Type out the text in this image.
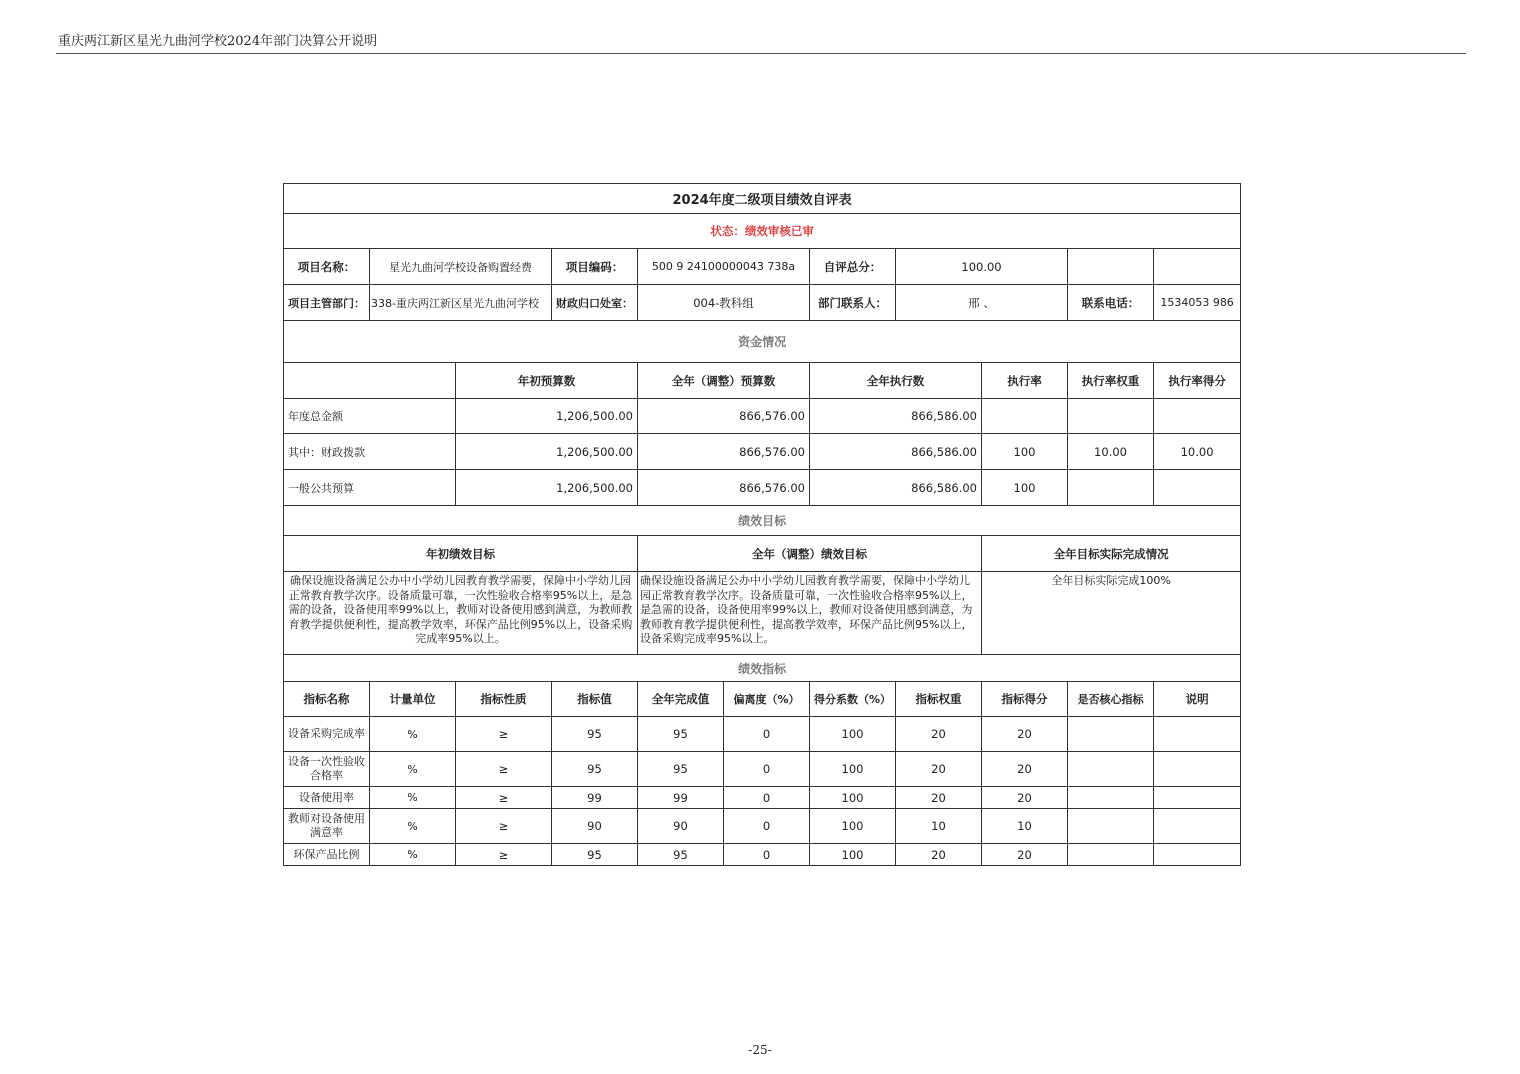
重庆两江新区星光九曲河学校2024年部门决算公开说明
2024年度二级项目绩效自评表										
状态：绩效审核已审										
项目名称：	星光九曲河学校设备购置经费		项目编码：	500 9 24100000043 738a		自评总分：	100.00			
项目主管部门：	338-重庆两江新区星光九曲河学校		财政归口处室：	004-教科组		部门联系人：	邢 、		联系电话：	1534053 986
资金情况										
		年初预算数		全年（调整）预算数		全年执行数		执行率	执行率权重	执行率得分
年度总金额		1,206,500.00		866,576.00		866,586.00				
其中：财政拨款		1,206,500.00		866,576.00		866,586.00		100	10.00	10.00
一般公共预算		1,206,500.00		866,576.00		866,586.00		100		
绩效目标										
年初绩效目标				全年（调整）绩效目标				全年目标实际完成情况		
确保设施设备满足公办中小学幼儿园教育教学需要，保障中小学幼儿园正常教育教学次序。设备质量可靠，一次性验收合格率95%以上，是急需的设备，设备使用率99%以上，教师对设备使用感到满意，为教师教育教学提供便利性，提高教学效率，环保产品比例95%以上，设备采购完成率95%以上。				确保设施设备满足公办中小学幼儿园教育教学需要，保障中小学幼儿园正常教育教学次序。设备质量可靠，一次性验收合格率95%以上，是急需的设备，设备使用率99%以上，教师对设备使用感到满意，为教师教育教学提供便利性，提高教学效率，环保产品比例95%以上，设备采购完成率95%以上。				全年目标实际完成100%		
绩效指标										
指标名称	计量单位	指标性质	指标值	全年完成值	偏离度（%）	得分系数（%）	指标权重	指标得分	是否核心指标	说明
设备采购完成率	%	≥	95	95	0	100	20	20		
设备一次性验收合格率	%	≥	95	95	0	100	20	20		
设备使用率	%	≥	99	99	0	100	20	20		
教师对设备使用满意率	%	≥	90	90	0	100	10	10		
环保产品比例	%	≥	95	95	0	100	20	20		
-25-
